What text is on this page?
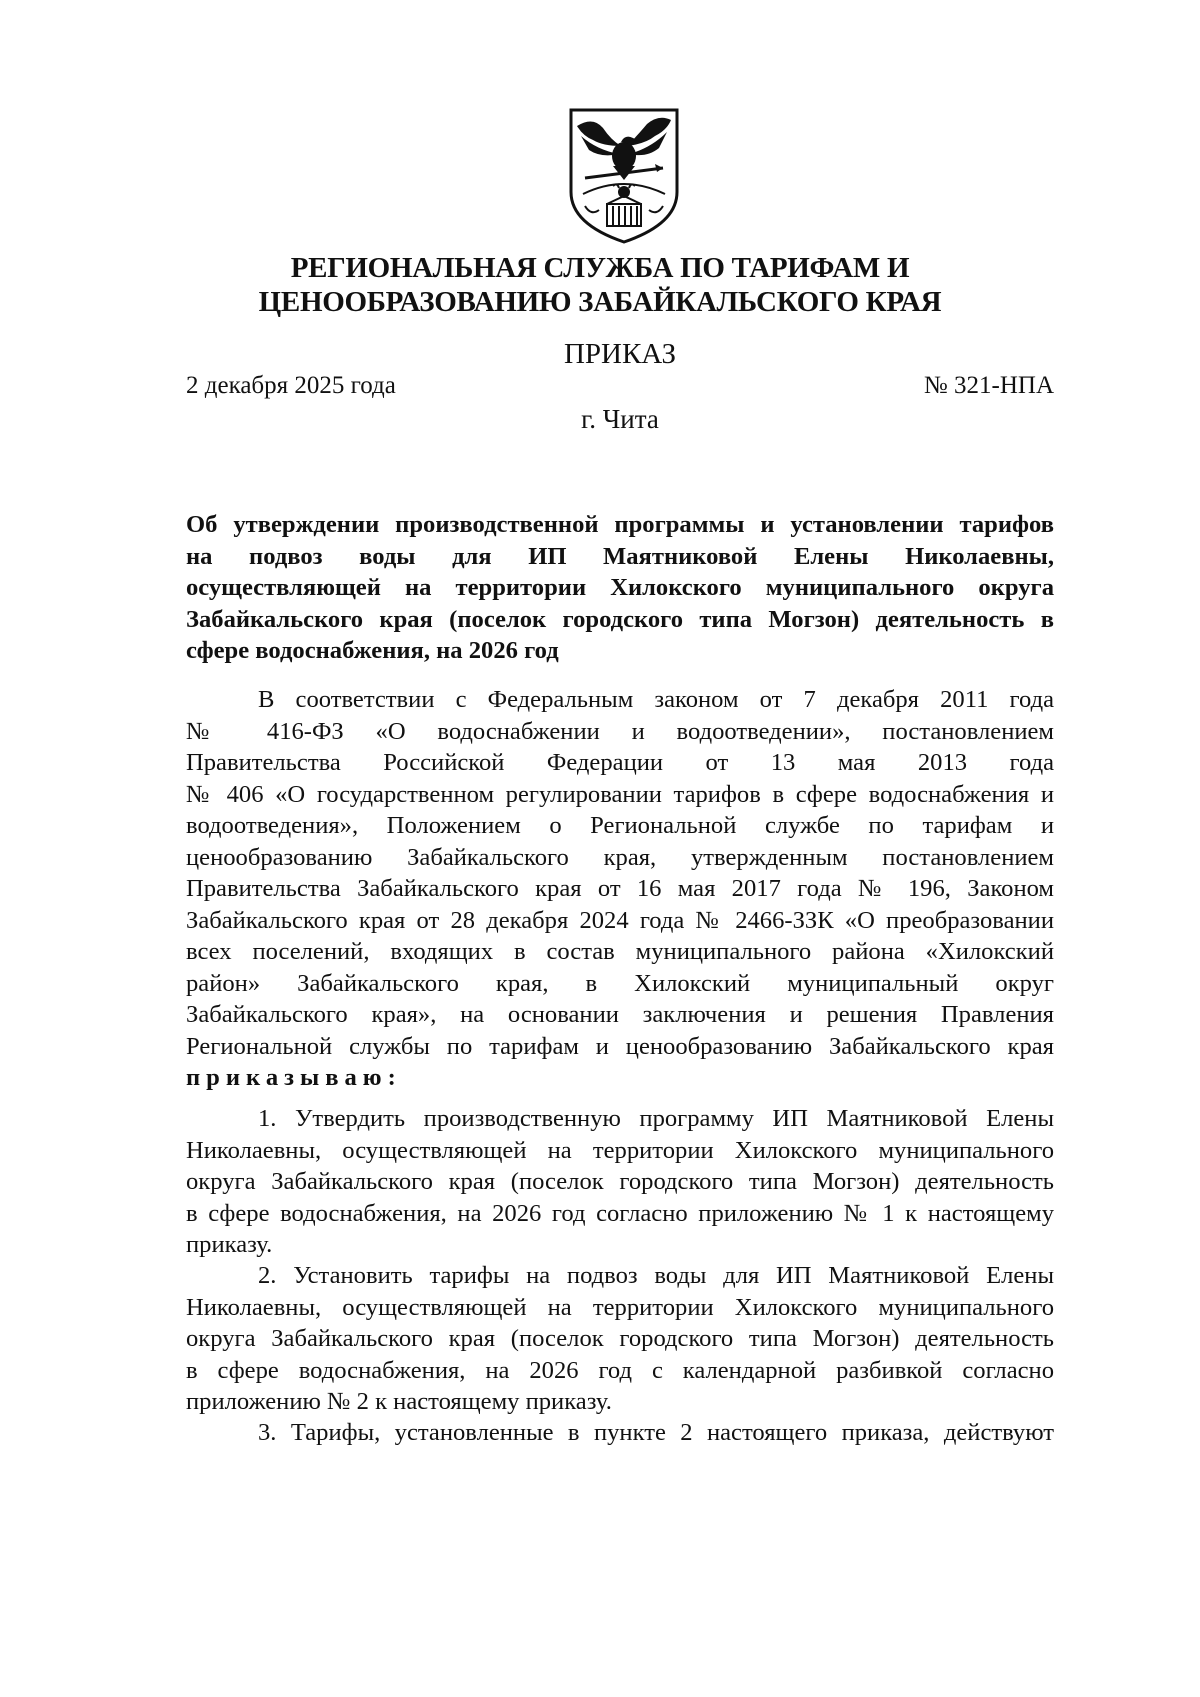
РЕГИОНАЛЬНАЯ СЛУЖБА ПО ТАРИФАМ И

ЦЕНООБРАЗОВАНИЮ ЗАБАЙКАЛЬСКОГО КРАЯ

ПРИКАЗ
2 декабря 2025 года	№ 321-НПА
г. Чита
Об утверждении производственной программы и установлении тарифов
на подвоз воды для ИП Маятниковой Елены Николаевны,
осуществляющей на территории Хилокского муниципального округа
Забайкальского края (поселок городского типа Могзон) деятельность в
сфере водоснабжения, на 2026 год
В соответствии с Федеральным законом от 7 декабря 2011 года
№ 416-ФЗ «О водоснабжении и водоотведении», постановлением
Правительства Российской Федерации от 13 мая 2013 года
№ 406 «О государственном регулировании тарифов в сфере водоснабжения и
водоотведения», Положением о Региональной службе по тарифам и
ценообразованию Забайкальского края, утвержденным постановлением
Правительства Забайкальского края от 16 мая 2017 года № 196, Законом
Забайкальского края от 28 декабря 2024 года № 2466-ЗЗК «О преобразовании
всех поселений, входящих в состав муниципального района «Хилокский
район» Забайкальского края, в Хилокский муниципальный округ
Забайкальского края», на основании заключения и решения Правления
Региональной службы по тарифам и ценообразованию Забайкальского края
приказываю:
1. Утвердить производственную программу ИП Маятниковой Елены
Николаевны, осуществляющей на территории Хилокского муниципального
округа Забайкальского края (поселок городского типа Могзон) деятельность
в сфере водоснабжения, на 2026 год согласно приложению № 1 к настоящему
приказу.
2. Установить тарифы на подвоз воды для ИП Маятниковой Елены
Николаевны, осуществляющей на территории Хилокского муниципального
округа Забайкальского края (поселок городского типа Могзон) деятельность
в сфере водоснабжения, на 2026 год с календарной разбивкой согласно
приложению № 2 к настоящему приказу.
3. Тарифы, установленные в пункте 2 настоящего приказа, действуют
